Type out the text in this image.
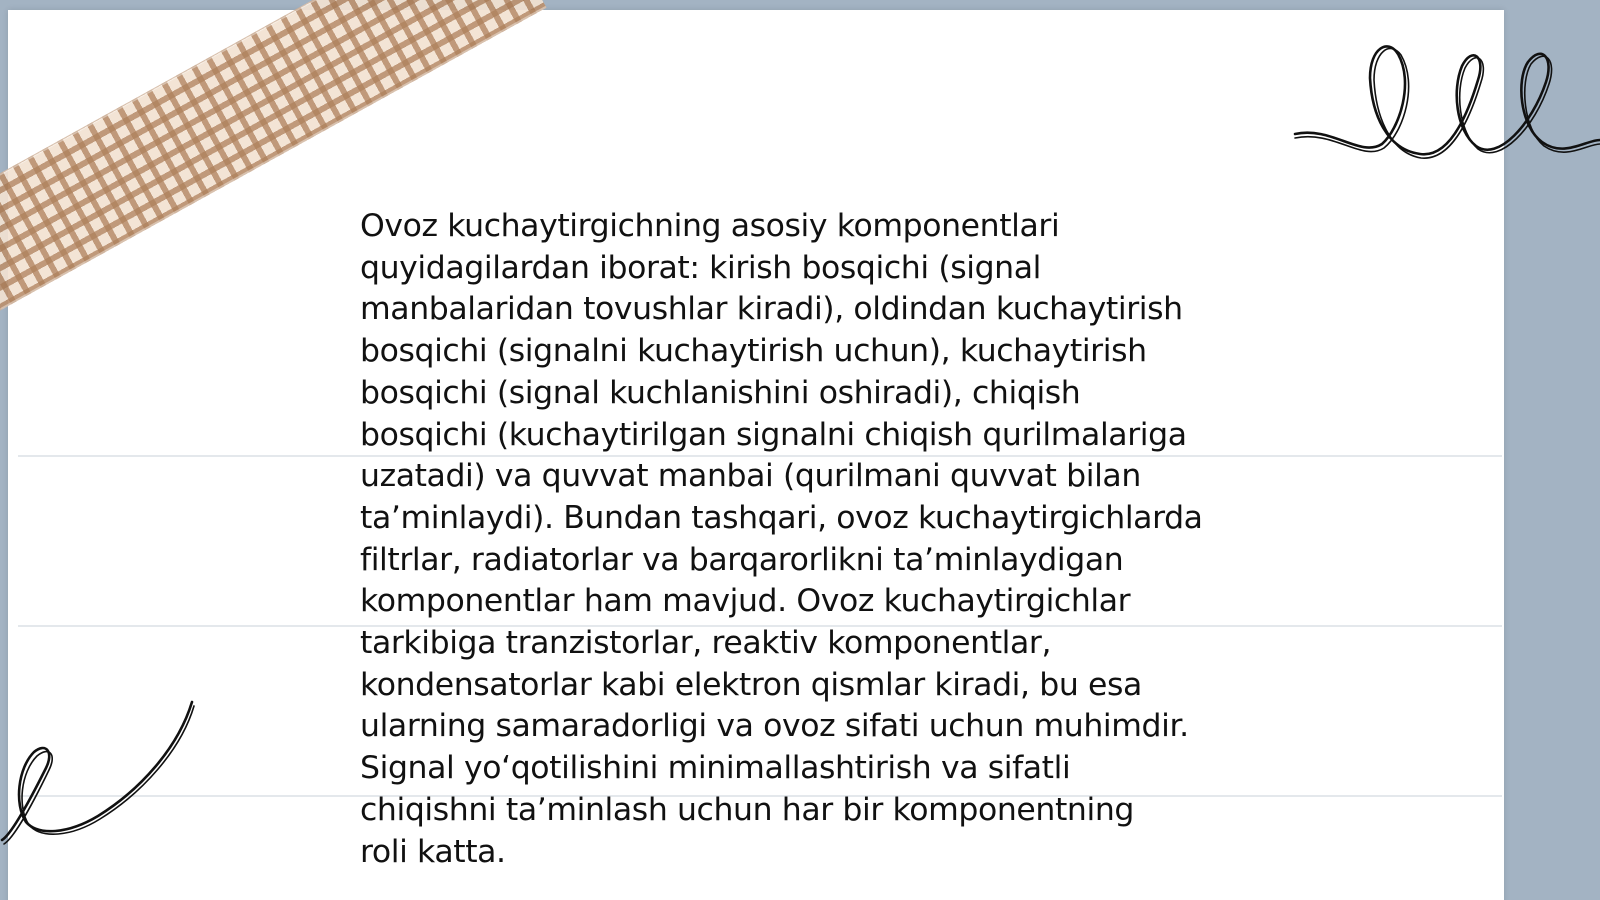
Ovoz kuchaytirgichning asosiy komponentlari
quyidagilardan iborat: kirish bosqichi (signal
manbalaridan tovushlar kiradi), oldindan kuchaytirish
bosqichi (signalni kuchaytirish uchun), kuchaytirish
bosqichi (signal kuchlanishini oshiradi), chiqish
bosqichi (kuchaytirilgan signalni chiqish qurilmalariga
uzatadi) va quvvat manbai (qurilmani quvvat bilan
ta’minlaydi). Bundan tashqari, ovoz kuchaytirgichlarda
filtrlar, radiatorlar va barqarorlikni ta’minlaydigan
komponentlar ham mavjud. Ovoz kuchaytirgichlar
tarkibiga tranzistorlar, reaktiv komponentlar,
kondensatorlar kabi elektron qismlar kiradi, bu esa
ularning samaradorligi va ovoz sifati uchun muhimdir.
Signal yo‘qotilishini minimallashtirish va sifatli
chiqishni ta’minlash uchun har bir komponentning
roli katta.
